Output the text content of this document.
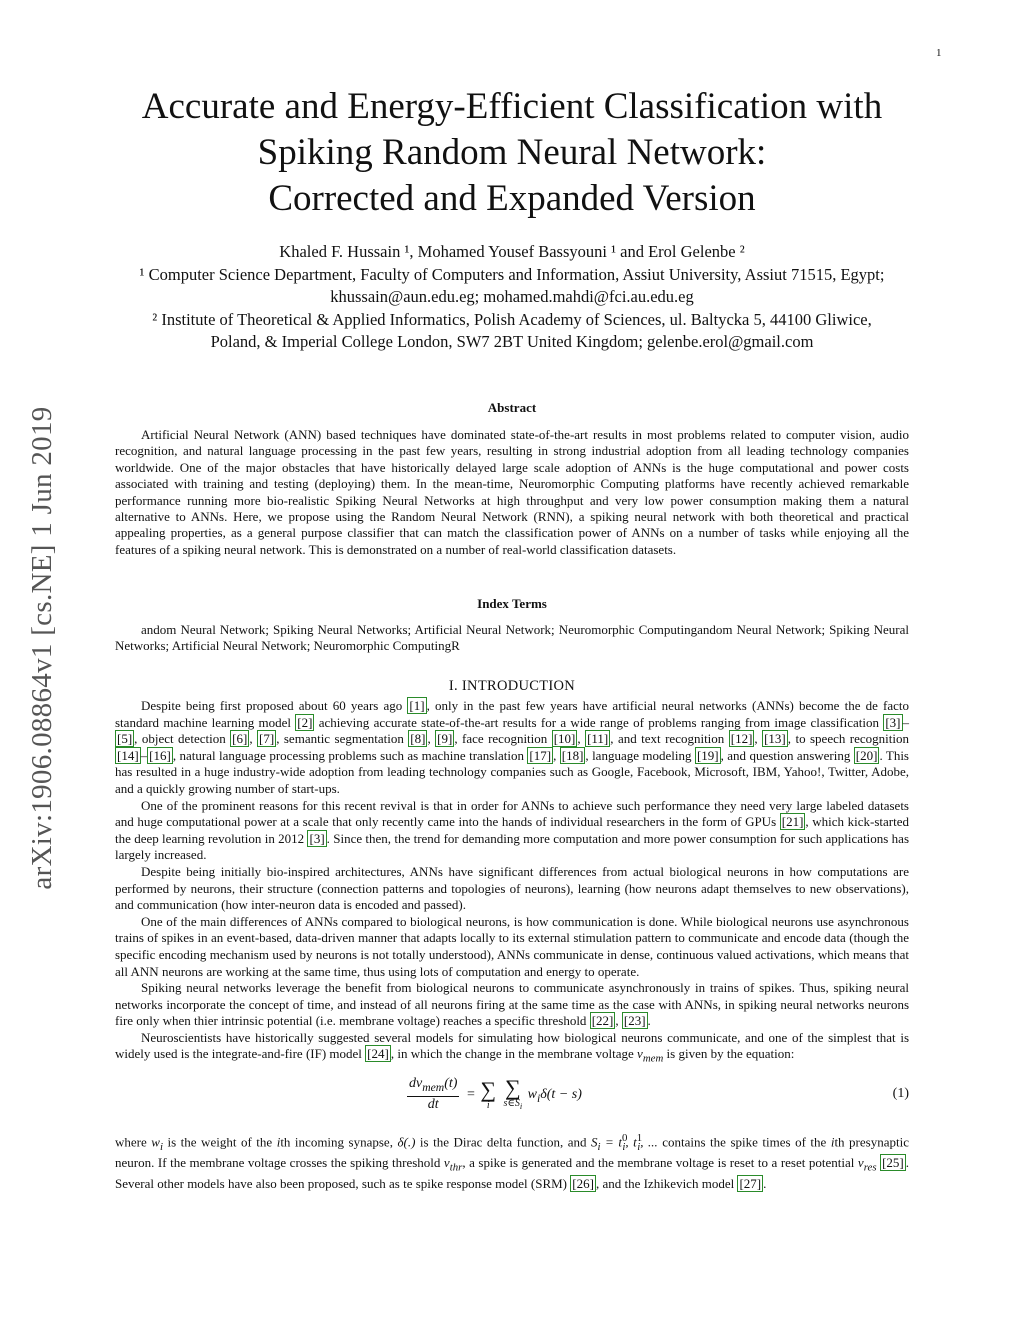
1
arXiv:1906.08864v1 [cs.NE] 1 Jun 2019
Accurate and Energy-Efficient Classification with
Spiking Random Neural Network:
Corrected and Expanded Version
Khaled F. Hussain ¹, Mohamed Yousef Bassyouni ¹ and Erol Gelenbe ²
¹ Computer Science Department, Faculty of Computers and Information, Assiut University, Assiut 71515, Egypt;
khussain@aun.edu.eg; mohamed.mahdi@fci.au.edu.eg
² Institute of Theoretical & Applied Informatics, Polish Academy of Sciences, ul. Baltycka 5, 44100 Gliwice,
Poland, & Imperial College London, SW7 2BT United Kingdom; gelenbe.erol@gmail.com
Abstract
Artificial Neural Network (ANN) based techniques have dominated state-of-the-art results in most problems related to computer vision, audio recognition, and natural language processing in the past few years, resulting in strong industrial adoption from all leading technology companies worldwide. One of the major obstacles that have historically delayed large scale adoption of ANNs is the huge computational and power costs associated with training and testing (deploying) them. In the mean-time, Neuromorphic Computing platforms have recently achieved remarkable performance running more bio-realistic Spiking Neural Networks at high throughput and very low power consumption making them a natural alternative to ANNs. Here, we propose using the Random Neural Network (RNN), a spiking neural network with both theoretical and practical appealing properties, as a general purpose classifier that can match the classification power of ANNs on a number of tasks while enjoying all the features of a spiking neural network. This is demonstrated on a number of real-world classification datasets.
Index Terms
andom Neural Network; Spiking Neural Networks; Artificial Neural Network; Neuromorphic Computingandom Neural Network; Spiking Neural Networks; Artificial Neural Network; Neuromorphic ComputingR
I. INTRODUCTION

Despite being first proposed about 60 years ago [1] , only in the past few years have artificial neural networks (ANNs) become the de facto standard machine learning model [2] achieving accurate state-of-the-art results for a wide range of problems ranging from image classification [3] –[5] , object detection [6] , [7] , semantic segmentation [8] , [9] , face recognition [10] , [11] , and text recognition [12] , [13] , to speech recognition [14] – [16] , natural language processing problems such as machine translation [17] , [18] , language modeling [19] , and question answering [20] . This has resulted in a huge industry-wide adoption from leading technology companies such as Google, Facebook, Microsoft, IBM, Yahoo!, Twitter, Adobe, and a quickly growing number of start-ups.

One of the prominent reasons for this recent revival is that in order for ANNs to achieve such performance they need very large labeled datasets and huge computational power at a scale that only recently came into the hands of individual researchers in the form of GPUs [21] , which kick-started the deep learning revolution in 2012 [3] . Since then, the trend for demanding more computation and more power consumption for such applications has largely increased.

Despite being initially bio-inspired architectures, ANNs have significant differences from actual biological neurons in how computations are performed by neurons, their structure (connection patterns and topologies of neurons), learning (how neurons adapt themselves to new observations), and communication (how inter-neuron data is encoded and passed).

One of the main differences of ANNs compared to biological neurons, is how communication is done. While biological neurons use asynchronous trains of spikes in an event-based, data-driven manner that adapts locally to its external stimulation pattern to communicate and encode data (though the specific encoding mechanism used by neurons is not totally understood), ANNs communicate in dense, continuous valued activations, which means that all ANN neurons are working at the same time, thus using lots of computation and energy to operate.

Spiking neural networks leverage the benefit from biological neurons to communicate asynchronously in trains of spikes. Thus, spiking neural networks incorporate the concept of time, and instead of all neurons firing at the same time as the case with ANNs, in spiking neural networks neurons fire only when thier intrinsic potential (i.e. membrane voltage) reaches a specific threshold [22] , [23] .

Neuroscientists have historically suggested several models for simulating how biological neurons communicate, and one of the simplest that is widely used is the integrate-and-fire (IF) model [24] , in which the change in the membrane voltage $v_{mem}$ is given by the equation:

$\frac{dv_{mem}(t)}{dt}$ = ∑
i

∑
$s\in S_i$
$w_i\delta(t - s)$	(1)

where $w_i$ is the weight of the ith incoming synapse, δ(.) is the Dirac delta function, and $S_i = t^0_i$, $t^1_i$, ... contains the spike times of the ith presynaptic neuron. If the membrane voltage crosses the spiking threshold $v_{thr}$, a spike is generated and the membrane voltage is reset to a reset potential $v_{res}$ [25] . Several other models have also been proposed, such as te spike response model (SRM) [26] , and the Izhikevich model [27] .
